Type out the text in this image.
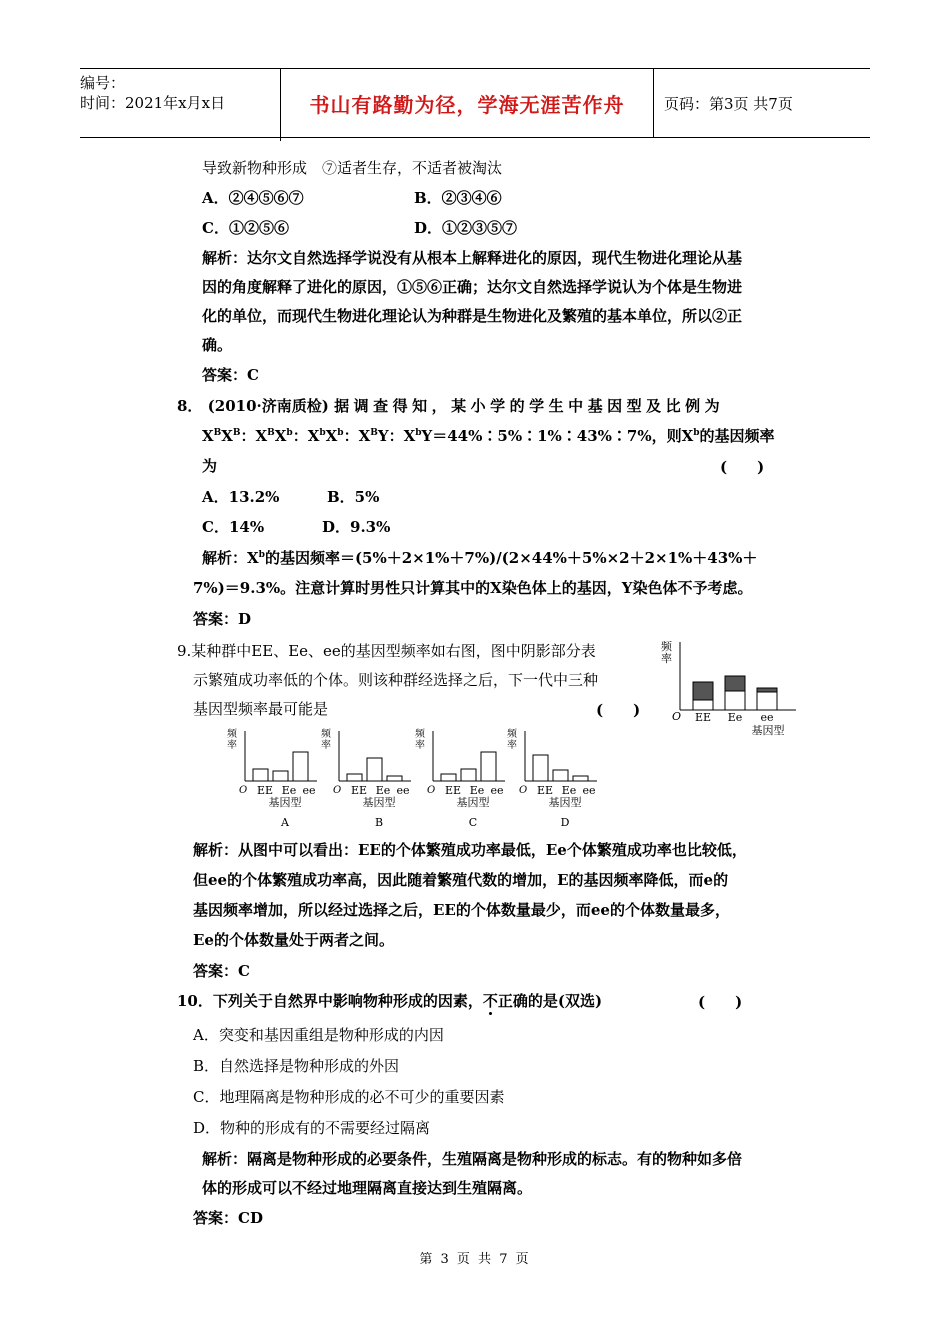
编号：
时间：2021年x月x日	书山有路勤为径，学海无涯苦作舟	页码：第3页 共7页
导致新物种形成　⑦适者生存，不适者被淘汰
A．②④⑤⑥⑦	B．②③④⑥
C．①②⑤⑥	D．①②③⑤⑦
解析：达尔文自然选择学说没有从根本上解释进化的原因，现代生物进化理论从基
因的角度解释了进化的原因，①⑤⑥正确；达尔文自然选择学说认为个体是生物进
化的单位，而现代生物进化理论认为种群是生物进化及繁殖的基本单位，所以②正
确。
答案：C
8． (2010·济南质检) 据调查得知，某小学的学生中基因型及比例为
$X^BX^B$：$X^BX^b$：$X^bX^b$：$X^BY$：$X^bY=44\%∶5\%∶1\%∶43\%∶7\%$，则$X^b$的基因频率
为	(　　)
A．13.2%	B．5%
C．14%	D．9.3%
解析：$X^b$的基因频率＝(5%＋2×1%＋7%)/(2×44%＋5%×2＋2×1%＋43%＋
7%)＝9.3%。注意计算时男性只计算其中的X染色体上的基因，Y染色体不予考虑。
答案：D
9.某种群中EE、Ee、ee的基因型频率如右图，图中阴影部分表
示繁殖成功率低的个体。则该种群经选择之后，下一代中三种
基因型频率最可能是	(　　)
频
率
O EE Ee ee
基因型
频
率
O EE Ee ee
基因型
A
频
率
O EE Ee ee
基因型
B
频
率
O EE Ee ee
基因型
C
频
率
O EE Ee ee
基因型
D
解析：从图中可以看出：EE的个体繁殖成功率最低，Ee个体繁殖成功率也比较低，
但ee的个体繁殖成功率高，因此随着繁殖代数的增加，E的基因频率降低，而e的
基因频率增加，所以经过选择之后，EE的个体数量最少，而ee的个体数量最多，
Ee的个体数量处于两者之间。
答案：C
10．下列关于自然界中影响物种形成的因素，不正确的是(双选)	(　　)
A．突变和基因重组是物种形成的内因
B．自然选择是物种形成的外因
C．地理隔离是物种形成的必不可少的重要因素
D．物种的形成有的不需要经过隔离
解析：隔离是物种形成的必要条件，生殖隔离是物种形成的标志。有的物种如多倍
体的形成可以不经过地理隔离直接达到生殖隔离。
答案：CD
第 3 页 共 7 页
